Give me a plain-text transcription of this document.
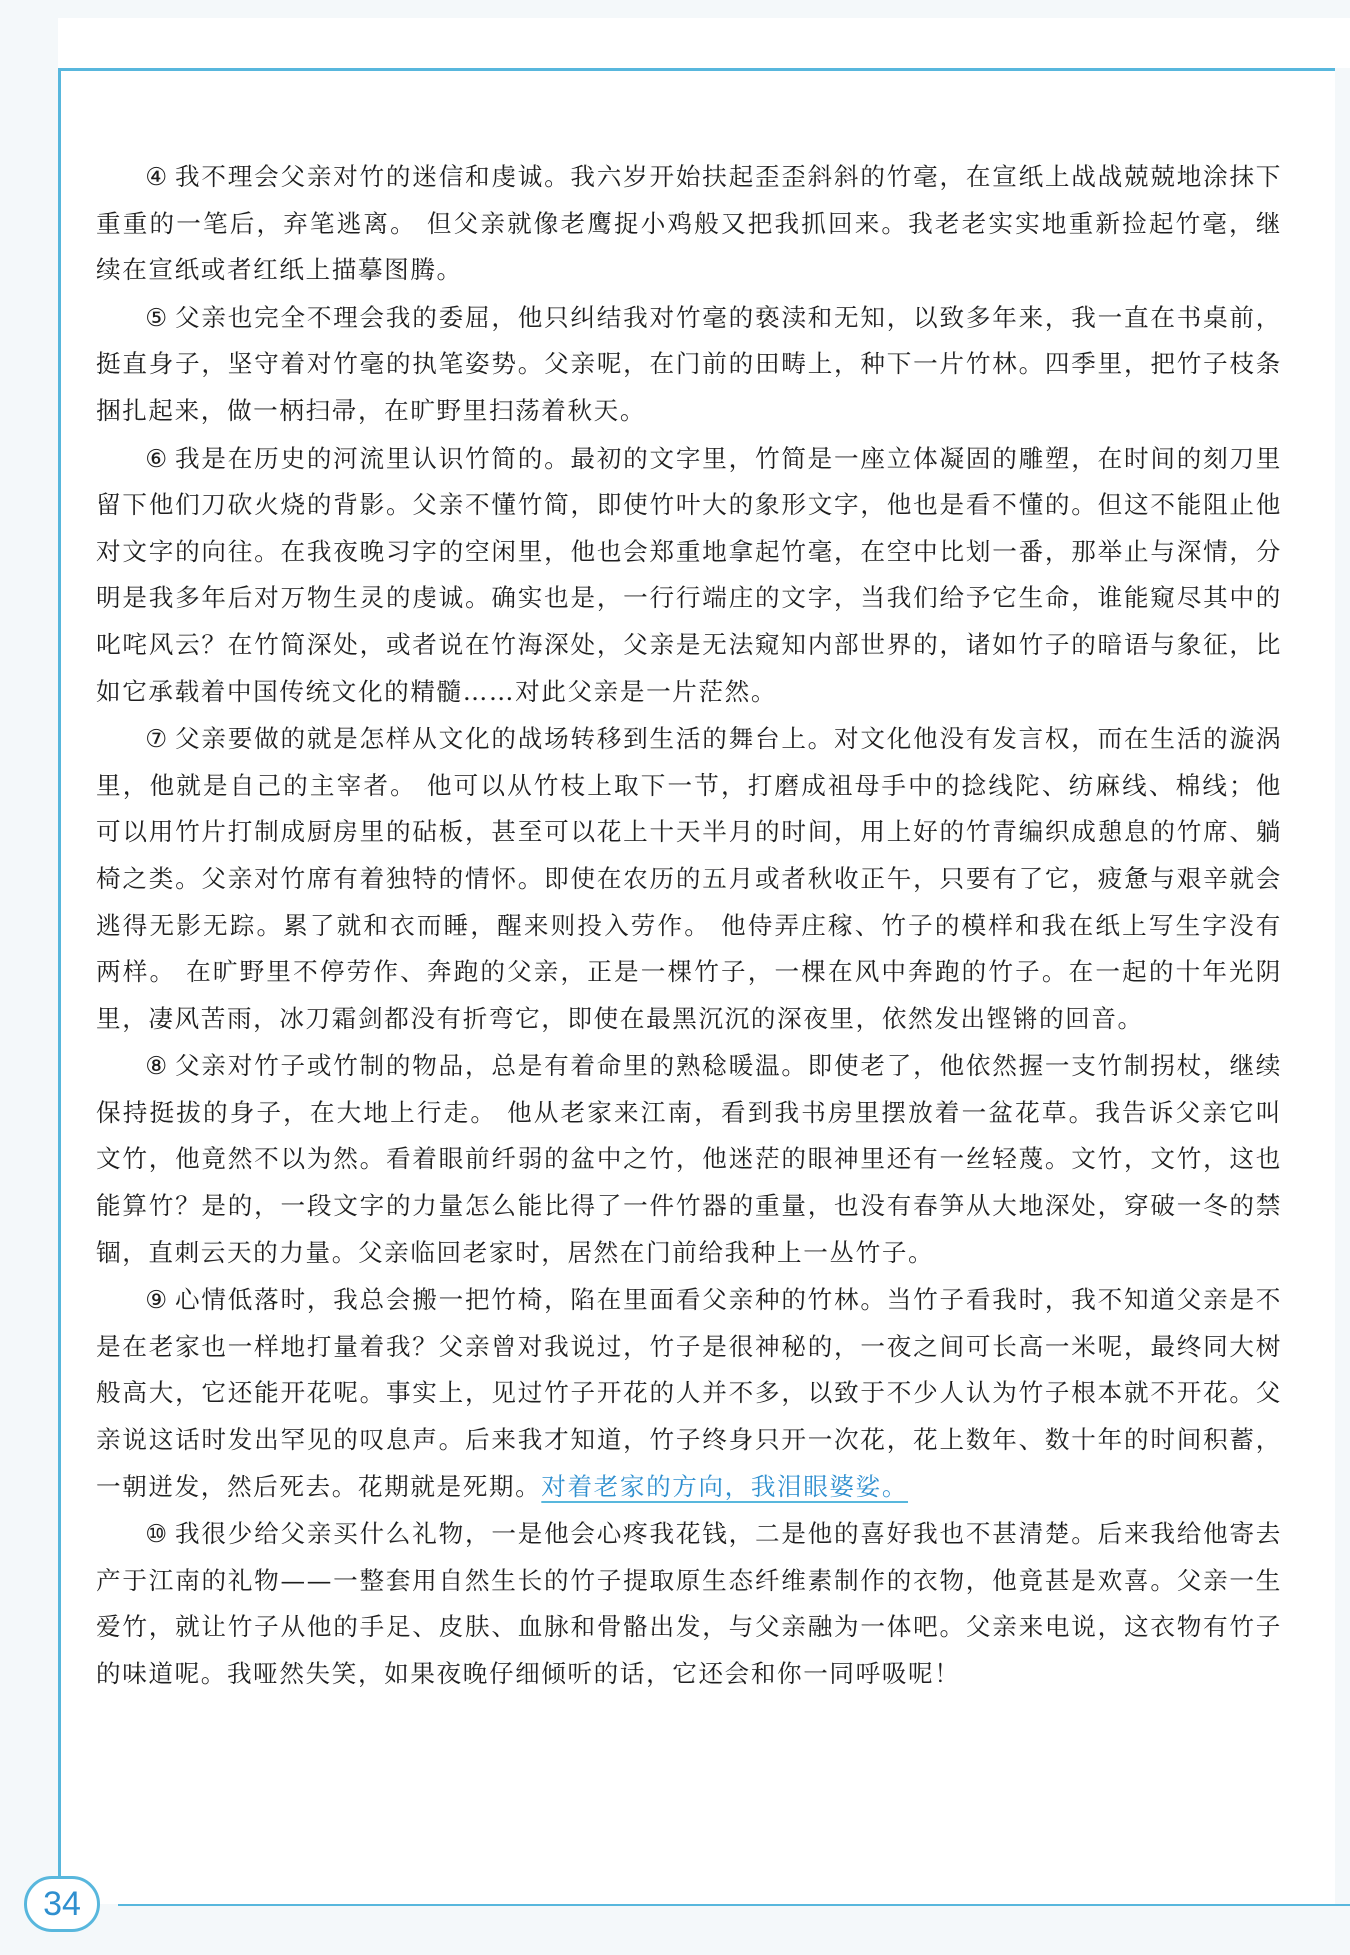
④ 我不理会父亲对竹的迷信和虔诚。我六岁开始扶起歪歪斜斜的竹毫，在宣纸上战战兢兢地涂抹下重重的一笔后，弃笔逃离。 但父亲就像老鹰捉小鸡般又把我抓回来。我老老实实地重新捡起竹毫，继续在宣纸或者红纸上描摹图腾。

⑤ 父亲也完全不理会我的委屈，他只纠结我对竹毫的亵渎和无知，以致多年来，我一直在书桌前，挺直身子，坚守着对竹毫的执笔姿势。父亲呢，在门前的田畴上，种下一片竹林。四季里，把竹子枝条捆扎起来，做一柄扫帚，在旷野里扫荡着秋天。

⑥ 我是在历史的河流里认识竹简的。最初的文字里，竹简是一座立体凝固的雕塑，在时间的刻刀里留下他们刀砍火烧的背影。父亲不懂竹简，即使竹叶大的象形文字，他也是看不懂的。但这不能阻止他对文字的向往。在我夜晚习字的空闲里，他也会郑重地拿起竹毫，在空中比划一番，那举止与深情，分明是我多年后对万物生灵的虔诚。确实也是，一行行端庄的文字，当我们给予它生命，谁能窥尽其中的叱咤风云？在竹简深处，或者说在竹海深处，父亲是无法窥知内部世界的，诸如竹子的暗语与象征，比如它承载着中国传统文化的精髓……对此父亲是一片茫然。

⑦ 父亲要做的就是怎样从文化的战场转移到生活的舞台上。对文化他没有发言权，而在生活的漩涡里，他就是自己的主宰者。 他可以从竹枝上取下一节，打磨成祖母手中的捻线陀、纺麻线、棉线；他可以用竹片打制成厨房里的砧板，甚至可以花上十天半月的时间，用上好的竹青编织成憩息的竹席、躺椅之类。父亲对竹席有着独特的情怀。即使在农历的五月或者秋收正午，只要有了它，疲惫与艰辛就会逃得无影无踪。累了就和衣而睡，醒来则投入劳作。 他侍弄庄稼、竹子的模样和我在纸上写生字没有两样。 在旷野里不停劳作、奔跑的父亲，正是一棵竹子，一棵在风中奔跑的竹子。在一起的十年光阴里，凄风苦雨，冰刀霜剑都没有折弯它，即使在最黑沉沉的深夜里，依然发出铿锵的回音。

⑧ 父亲对竹子或竹制的物品，总是有着命里的熟稔暖温。即使老了，他依然握一支竹制拐杖，继续保持挺拔的身子，在大地上行走。 他从老家来江南，看到我书房里摆放着一盆花草。我告诉父亲它叫文竹，他竟然不以为然。看着眼前纤弱的盆中之竹，他迷茫的眼神里还有一丝轻蔑。文竹，文竹，这也能算竹？是的，一段文字的力量怎么能比得了一件竹器的重量，也没有春笋从大地深处，穿破一冬的禁锢，直刺云天的力量。父亲临回老家时，居然在门前给我种上一丛竹子。

⑨ 心情低落时，我总会搬一把竹椅，陷在里面看父亲种的竹林。当竹子看我时，我不知道父亲是不是在老家也一样地打量着我？父亲曾对我说过，竹子是很神秘的，一夜之间可长高一米呢，最终同大树般高大，它还能开花呢。事实上，见过竹子开花的人并不多，以致于不少人认为竹子根本就不开花。父亲说这话时发出罕见的叹息声。后来我才知道，竹子终身只开一次花，花上数年、数十年的时间积蓄，一朝迸发，然后死去。花期就是死期。对着老家的方向，我泪眼婆娑。

⑩ 我很少给父亲买什么礼物，一是他会心疼我花钱，二是他的喜好我也不甚清楚。后来我给他寄去产于江南的礼物——一整套用自然生长的竹子提取原生态纤维素制作的衣物，他竟甚是欢喜。父亲一生爱竹，就让竹子从他的手足、皮肤、血脉和骨骼出发，与父亲融为一体吧。父亲来电说，这衣物有竹子的味道呢。我哑然失笑，如果夜晚仔细倾听的话，它还会和你一同呼吸呢！

34
